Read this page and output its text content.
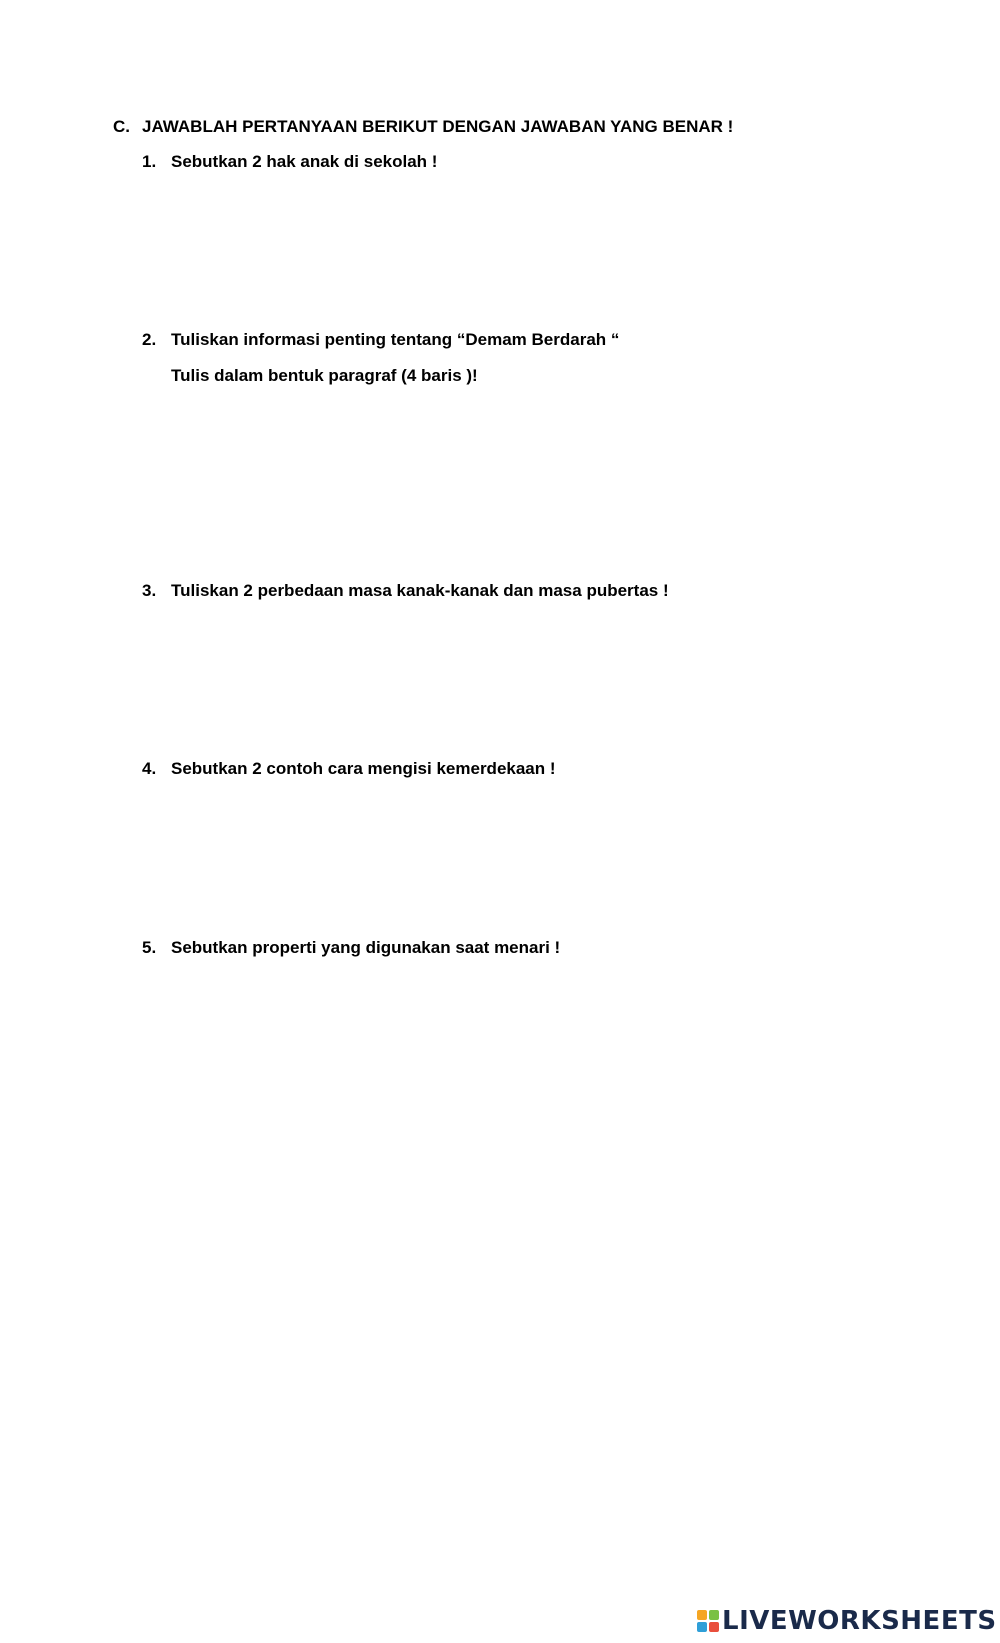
C. JAWABLAH PERTANYAAN BERIKUT DENGAN JAWABAN YANG BENAR !
1. Sebutkan 2 hak anak di sekolah !
2. Tuliskan informasi penting tentang “Demam Berdarah “
Tulis dalam bentuk paragraf (4 baris )!
3. Tuliskan 2 perbedaan masa kanak-kanak dan masa pubertas !
4. Sebutkan 2 contoh cara mengisi kemerdekaan !
5. Sebutkan properti yang digunakan saat menari !
LIVEWORKSHEETS
